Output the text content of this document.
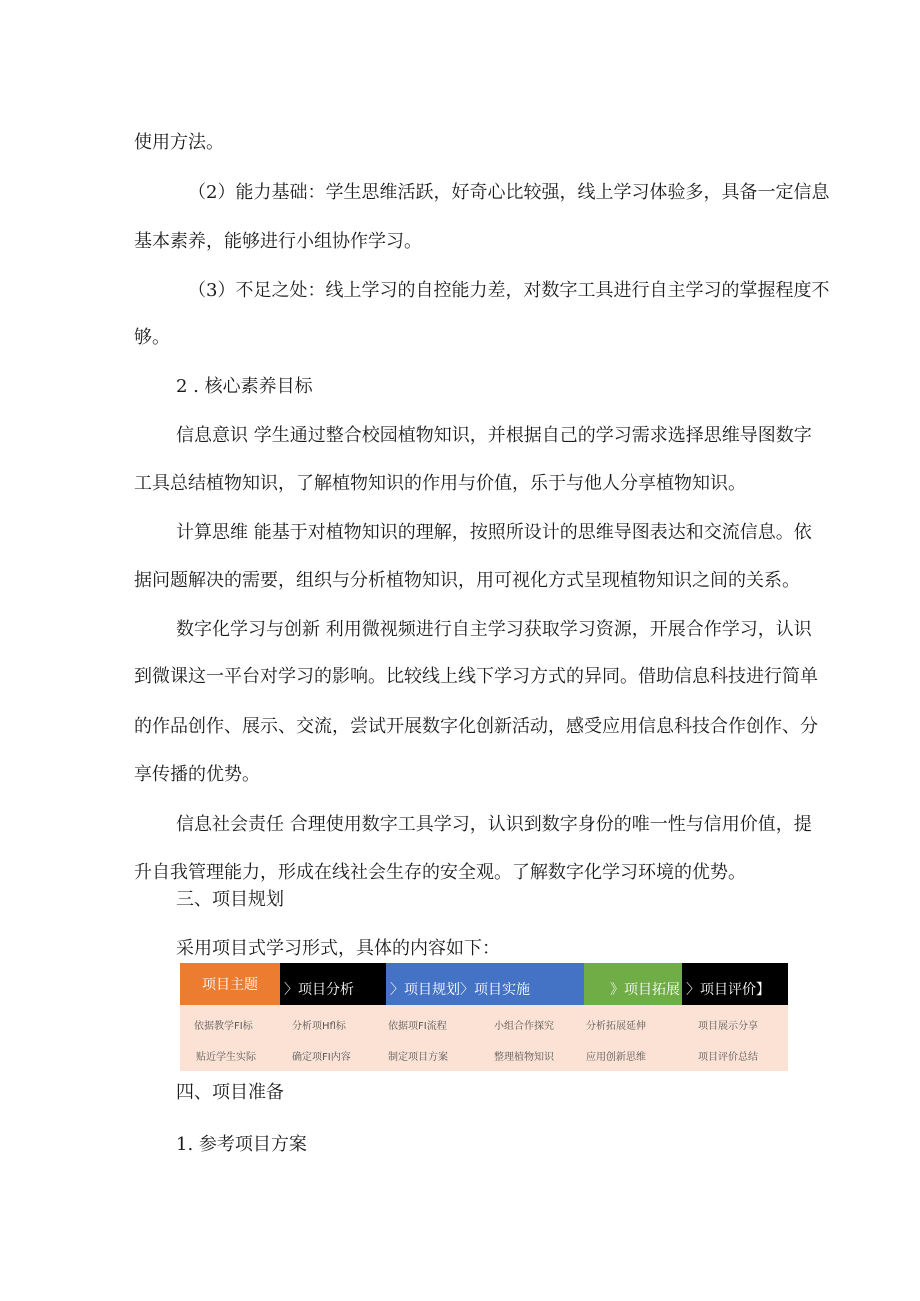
使用方法。
（2）能力基础：学生思维活跃，好奇心比较强，线上学习体验多，具备一定信息
基本素养，能够进行小组协作学习。
（3）不足之处：线上学习的自控能力差，对数字工具进行自主学习的掌握程度不
够。
2 . 核心素养目标
信息意识 学生通过整合校园植物知识，并根据自己的学习需求选择思维导图数字
工具总结植物知识，了解植物知识的作用与价值，乐于与他人分享植物知识。
计算思维 能基于对植物知识的理解，按照所设计的思维导图表达和交流信息。依
据问题解决的需要，组织与分析植物知识，用可视化方式呈现植物知识之间的关系。
数字化学习与创新 利用微视频进行自主学习获取学习资源，开展合作学习，认识
到微课这一平台对学习的影响。比较线上线下学习方式的异同。借助信息科技进行简单
的作品创作、展示、交流，尝试开展数字化创新活动，感受应用信息科技合作创作、分
享传播的优势。
信息社会责任 合理使用数字工具学习，认识到数字身份的唯一性与信用价值，提
升自我管理能力，形成在线社会生存的安全观。了解数字化学习环境的优势。
三、项目规划
采用项目式学习形式，具体的内容如下：
项目主题	〉项目分析	〉项目规划〉项目实施	》项目拓展 〉项目评价】
依据教学FI标	分析项Hfl标	依据项FI流程	小组合作探究	分析拓展延伸	项目展示分享
贴近学生实际	确定项FI内容	制定项目方案	整理植物知识	应用创新思维	项目评价总结
四、项目准备
1. 参考项目方案
